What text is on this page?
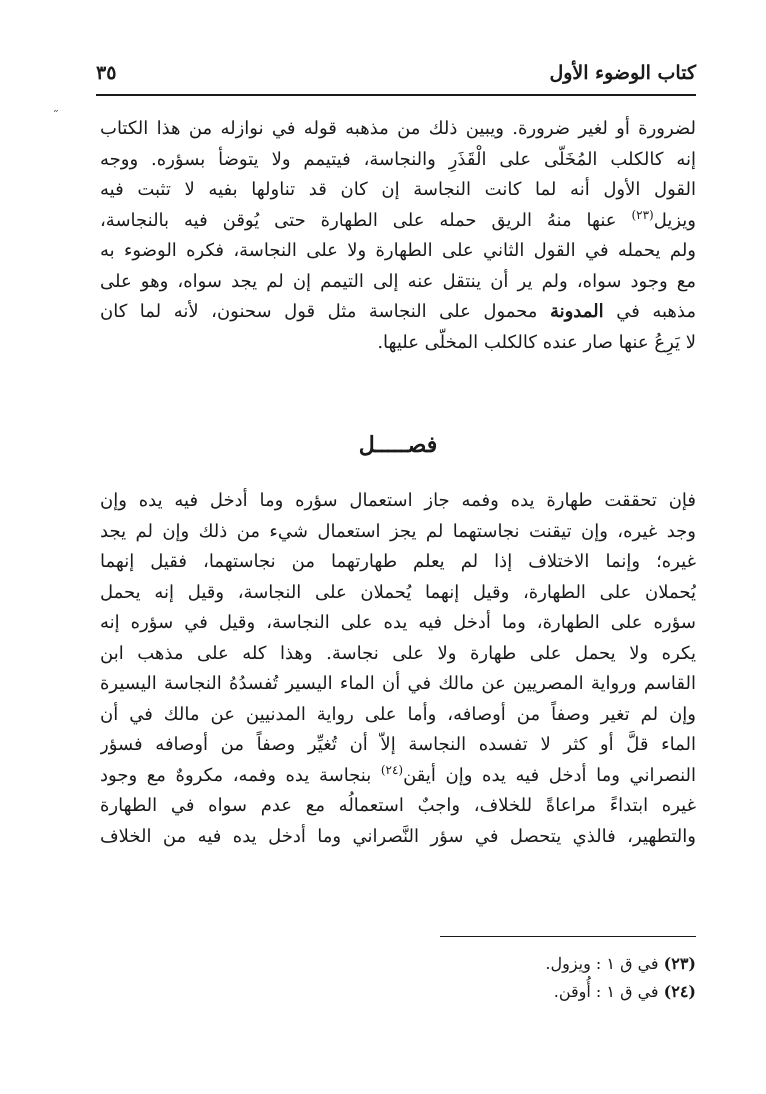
كتاب الوضوء الأول
٣٥
˶
لضرورة أو لغير ضرورة. ويبين ذلك من مذهبه قوله في نوازله من هذا الكتاب
إنه كالكلب المُخَلَّى على الْقَذَرِ والنجاسة، فيتيمم ولا يتوضأ بسؤره. ووجه
القول الأول أنه لما كانت النجاسة إن كان قد تناولها بفيه لا تثبت فيه
ويزيل$^{(٢٣)}$ عنها منهُ الريق حمله على الطهارة حتى يُوقن فيه بالنجاسة،
ولم يحمله في القول الثاني على الطهارة ولا على النجاسة، فكره الوضوء به
مع وجود سواه، ولم ير أن ينتقل عنه إلى التيمم إن لم يجد سواه، وهو على
مذهبه في المدونة محمول على النجاسة مثل قول سحنون، لأنه لما كان
لا يَرِعُ عنها صار عنده كالكلب المخلَّى عليها.
فصـــــل
فإن تحققت طهارة يده وفمه جاز استعمال سؤره وما أدخل فيه يده وإن
وجد غيره، وإن تيقنت نجاستهما لم يجز استعمال شيء من ذلك وإن لم يجد
غيره؛ وإنما الاختلاف إذا لم يعلم طهارتهما من نجاستهما، فقيل إنهما
يُحملان على الطهارة، وقيل إنهما يُحملان على النجاسة، وقيل إنه يحمل
سؤره على الطهارة، وما أدخل فيه يده على النجاسة، وقيل في سؤره إنه
يكره ولا يحمل على طهارة ولا على نجاسة. وهذا كله على مذهب ابن
القاسم ورواية المصريين عن مالك في أن الماء اليسير تُفسدُهُ النجاسة اليسيرة
وإن لم تغير وصفاً من أوصافه، وأما على رواية المدنيين عن مالك في أن
الماء قلَّ أو كثر لا تفسده النجاسة إلاّ أن تُغيِّر وصفاً من أوصافه فسؤر
النصراني وما أدخل فيه يده وإن أيقن$^{(٢٤)}$ بنجاسة يده وفمه، مكروهٌ مع وجود
غيره ابتداءً مراعاةً للخلاف، واجبٌ استعمالُه مع عدم سواه في الطهارة
والتطهير، فالذي يتحصل في سؤر النَّصراني وما أدخل يده فيه من الخلاف
(٢٣) في ق ١ : ويزول.
(٢٤) في ق ١ : أُوقن.
